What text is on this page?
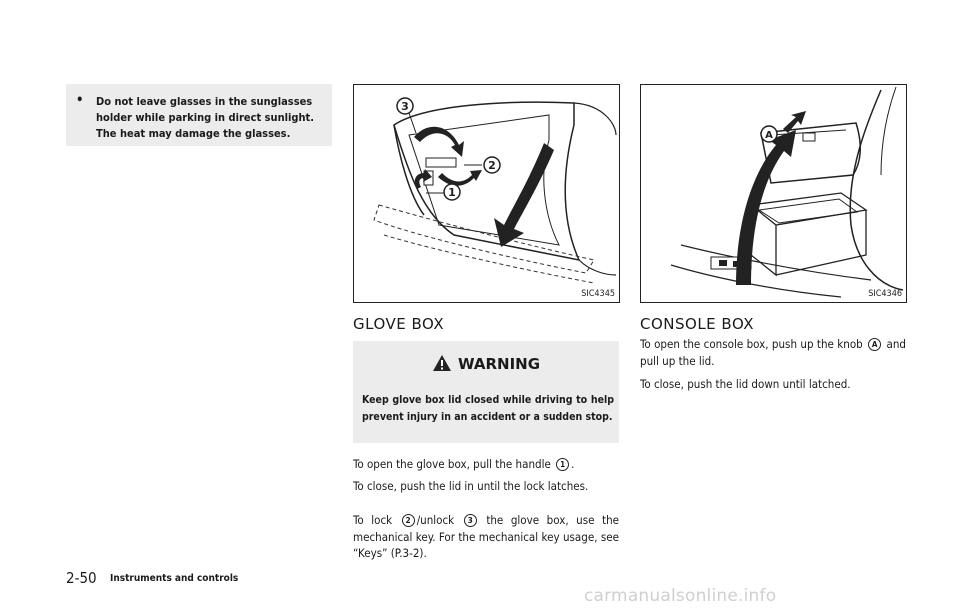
• Do not leave glasses in the sunglasses holder while parking in direct sunlight. The heat may damage the glasses.
3
2
1
SIC4345
A
SIC4346
GLOVE BOX
WARNING
Keep glove box lid closed while driving to help prevent injury in an accident or a sudden stop.
To open the glove box, pull the handle 1 .
To close, push the lid in until the lock latches.
To lock 2 /unlock 3 the glove box, use the mechanical key. For the mechanical key usage, see “Keys” (P.3-2).
CONSOLE BOX
To open the console box, push up the knob A and pull up the lid.
To close, push the lid down until latched.
2-50 Instruments and controls
carmanualsonline.info
